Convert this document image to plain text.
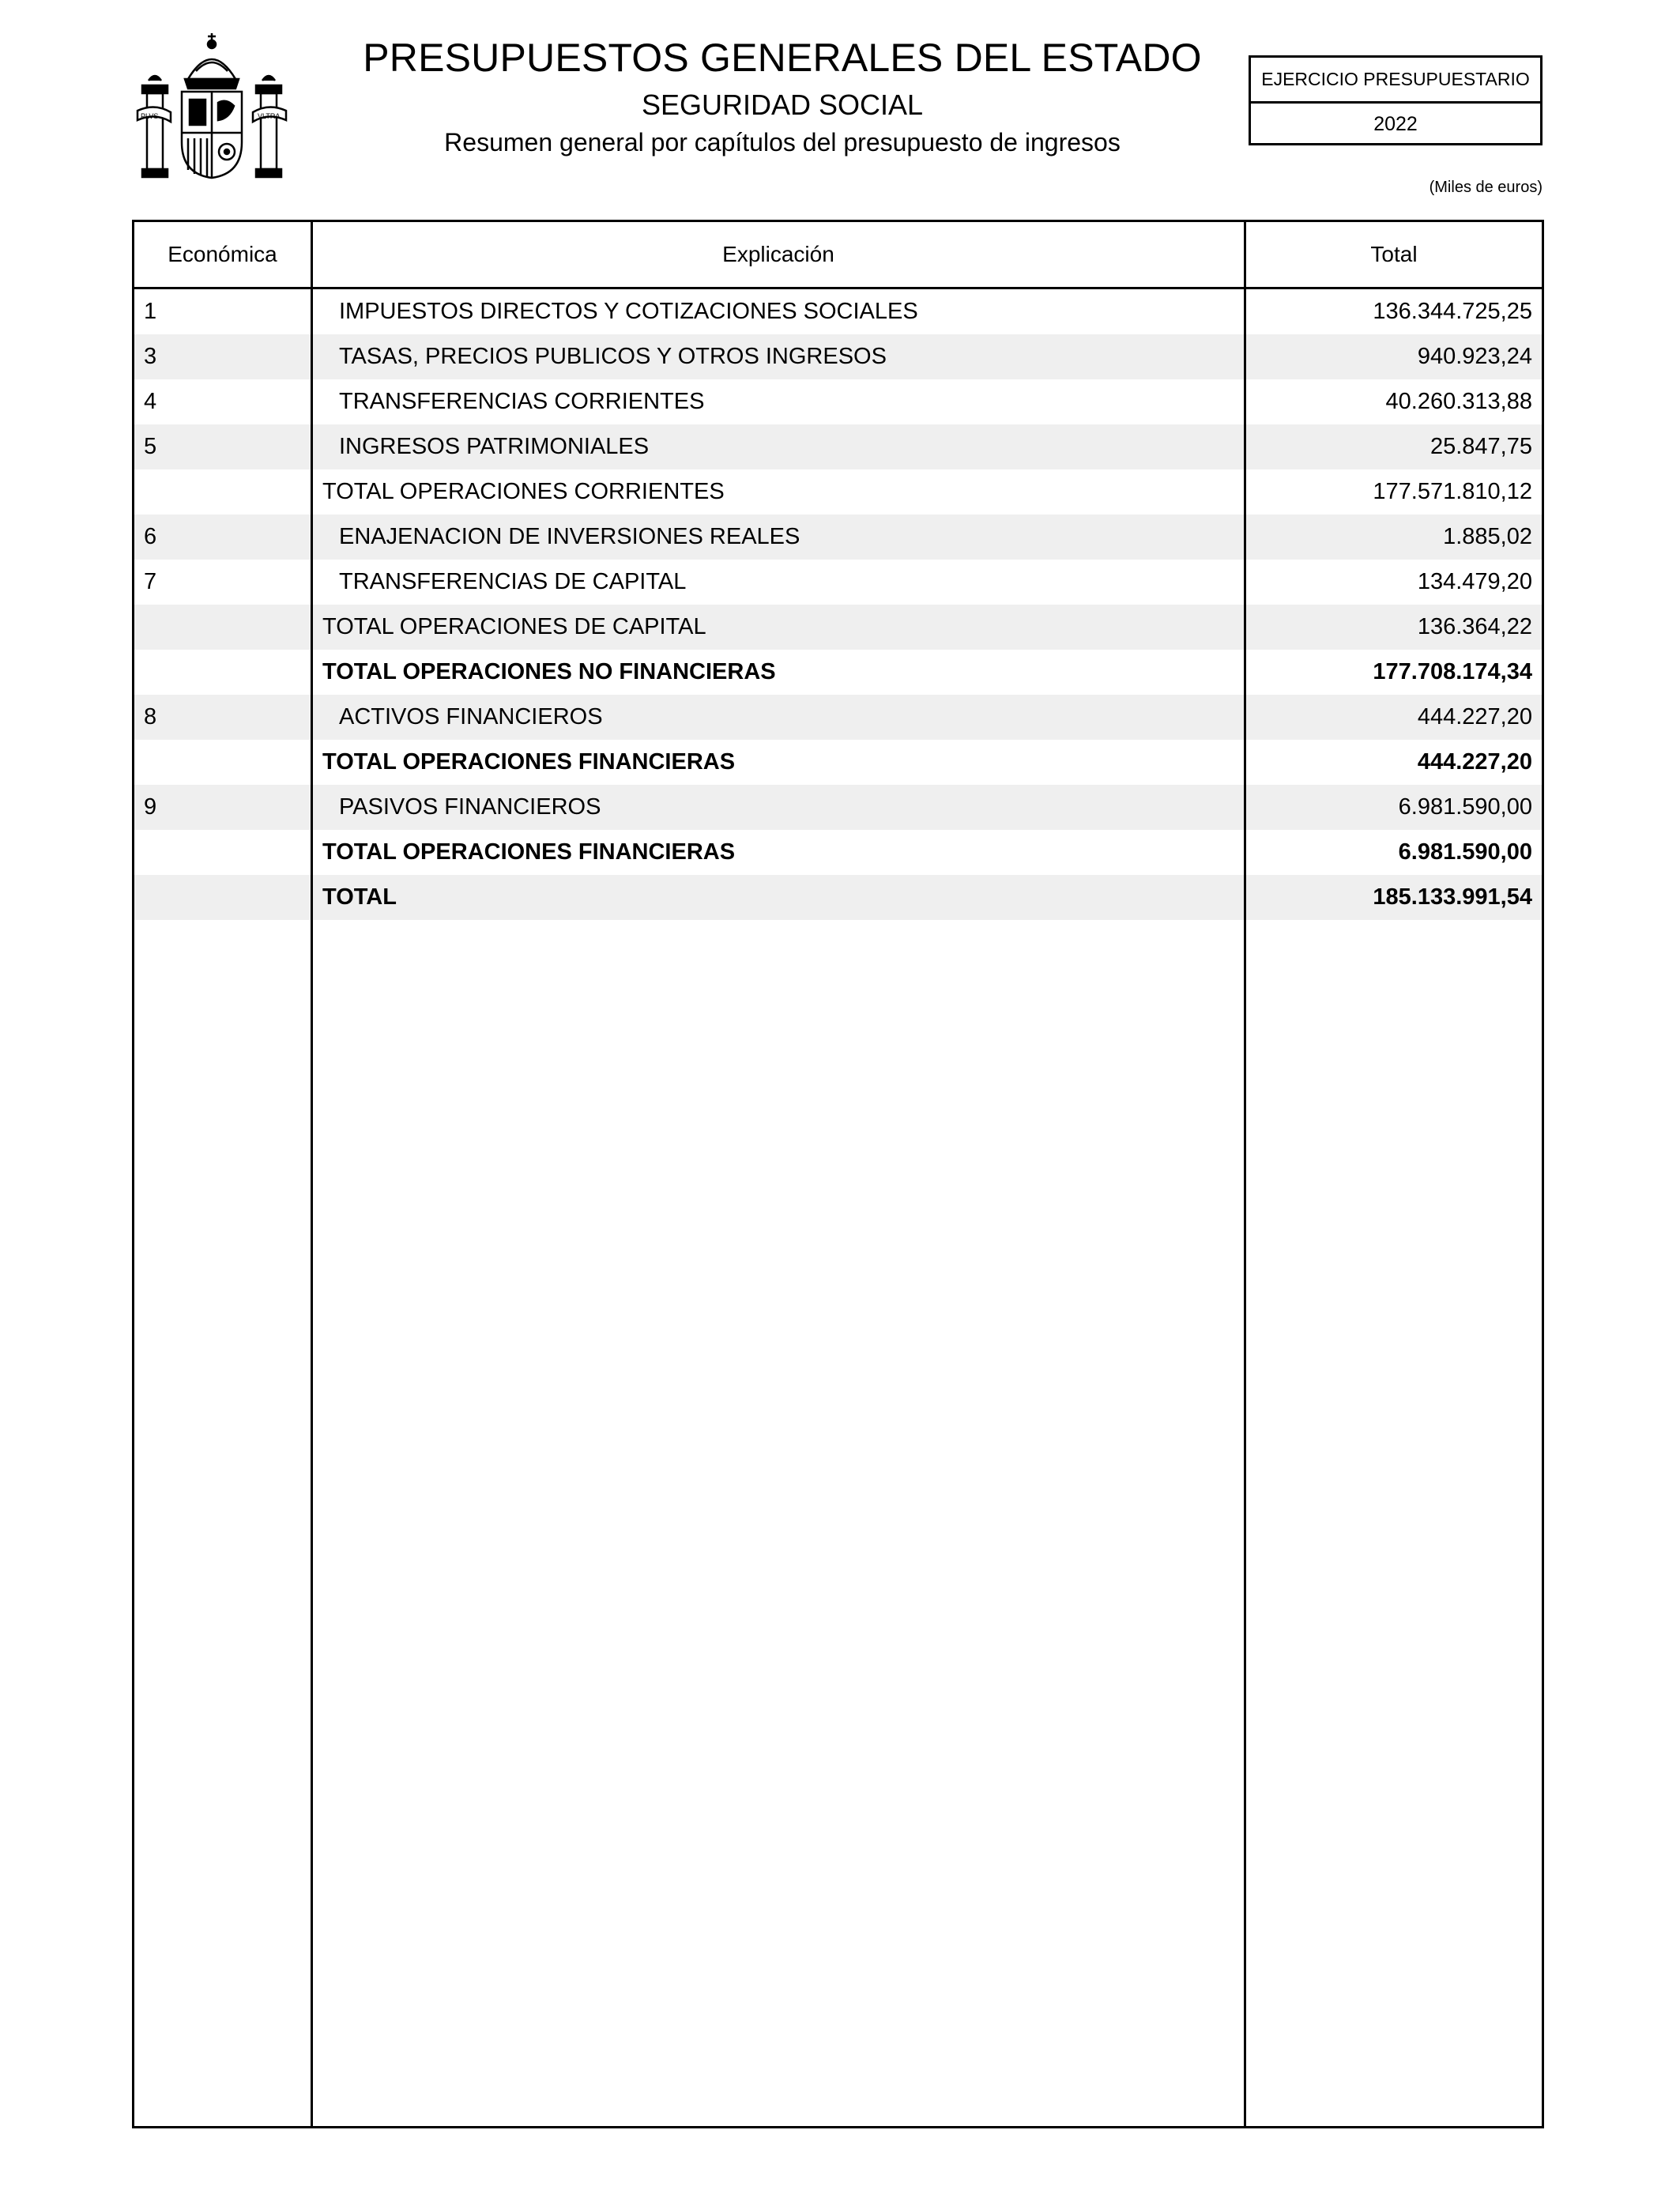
PLVS	VLTRA
PRESUPUESTOS GENERALES DEL ESTADO
SEGURIDAD SOCIAL
Resumen general por capítulos del presupuesto de ingresos
EJERCICIO PRESUPUESTARIO
2022
(Miles de euros)
Económica	Explicación	Total
1	IMPUESTOS DIRECTOS Y COTIZACIONES SOCIALES	136.344.725,25
3	TASAS, PRECIOS PUBLICOS Y OTROS INGRESOS	940.923,24
4	TRANSFERENCIAS CORRIENTES	40.260.313,88
5	INGRESOS PATRIMONIALES	25.847,75
TOTAL OPERACIONES CORRIENTES	177.571.810,12
6	ENAJENACION DE INVERSIONES REALES	1.885,02
7	TRANSFERENCIAS DE CAPITAL	134.479,20
TOTAL OPERACIONES DE CAPITAL	136.364,22
TOTAL OPERACIONES NO FINANCIERAS	177.708.174,34
8	ACTIVOS FINANCIEROS	444.227,20
TOTAL OPERACIONES FINANCIERAS	444.227,20
9	PASIVOS FINANCIEROS	6.981.590,00
TOTAL OPERACIONES FINANCIERAS	6.981.590,00
TOTAL	185.133.991,54
